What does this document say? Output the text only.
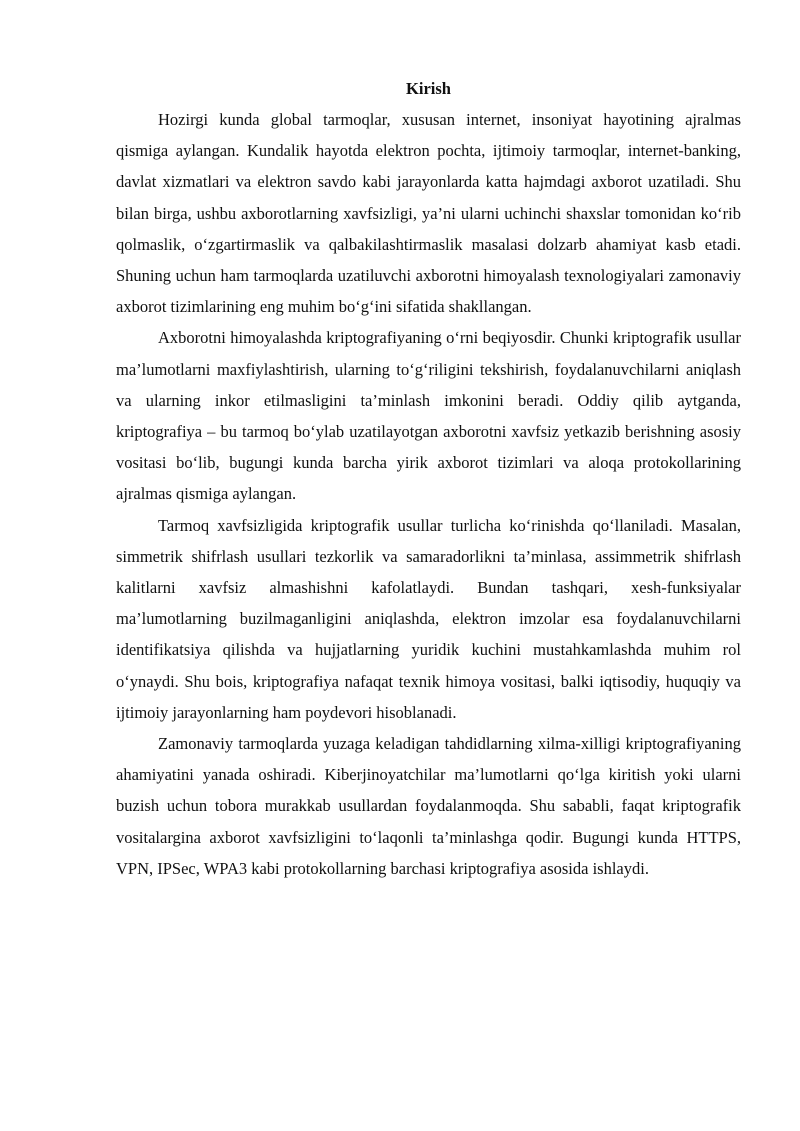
Kirish

Hozirgi kunda global tarmoqlar, xususan internet, insoniyat hayotining ajralmas qismiga aylangan. Kundalik hayotda elektron pochta, ijtimoiy tarmoqlar, internet-banking, davlat xizmatlari va elektron savdo kabi jarayonlarda katta hajmdagi axborot uzatiladi. Shu bilan birga, ushbu axborotlarning xavfsizligi, ya’ni ularni uchinchi shaxslar tomonidan ko‘rib qolmaslik, o‘zgartirmaslik va qalbakilashtirmaslik masalasi dolzarb ahamiyat kasb etadi. Shuning uchun ham tarmoqlarda uzatiluvchi axborotni himoyalash texnologiyalari zamonaviy axborot tizimlarining eng muhim bo‘g‘ini sifatida shakllangan.

Axborotni himoyalashda kriptografiyaning o‘rni beqiyosdir. Chunki kriptografik usullar ma’lumotlarni maxfiylashtirish, ularning to‘g‘riligini tekshirish, foydalanuvchilarni aniqlash va ularning inkor etilmasligini ta’minlash imkonini beradi. Oddiy qilib aytganda, kriptografiya – bu tarmoq bo‘ylab uzatilayotgan axborotni xavfsiz yetkazib berishning asosiy vositasi bo‘lib, bugungi kunda barcha yirik axborot tizimlari va aloqa protokollarining ajralmas qismiga aylangan.

Tarmoq xavfsizligida kriptografik usullar turlicha ko‘rinishda qo‘llaniladi. Masalan, simmetrik shifrlash usullari tezkorlik va samaradorlikni ta’minlasa, assimmetrik shifrlash kalitlarni xavfsiz almashishni kafolatlaydi. Bundan tashqari, xesh-funksiyalar ma’lumotlarning buzilmaganligini aniqlashda, elektron imzolar esa foydalanuvchilarni identifikatsiya qilishda va hujjatlarning yuridik kuchini mustahkamlashda muhim rol o‘ynaydi. Shu bois, kriptografiya nafaqat texnik himoya vositasi, balki iqtisodiy, huquqiy va ijtimoiy jarayonlarning ham poydevori hisoblanadi.

Zamonaviy tarmoqlarda yuzaga keladigan tahdidlarning xilma-xilligi kriptografiyaning ahamiyatini yanada oshiradi. Kiberjinoyatchilar ma’lumotlarni qo‘lga kiritish yoki ularni buzish uchun tobora murakkab usullardan foydalanmoqda. Shu sababli, faqat kriptografik vositalargina axborot xavfsizligini to‘laqonli ta’minlashga qodir. Bugungi kunda HTTPS, VPN, IPSec, WPA3 kabi protokollarning barchasi kriptografiya asosida ishlaydi.
